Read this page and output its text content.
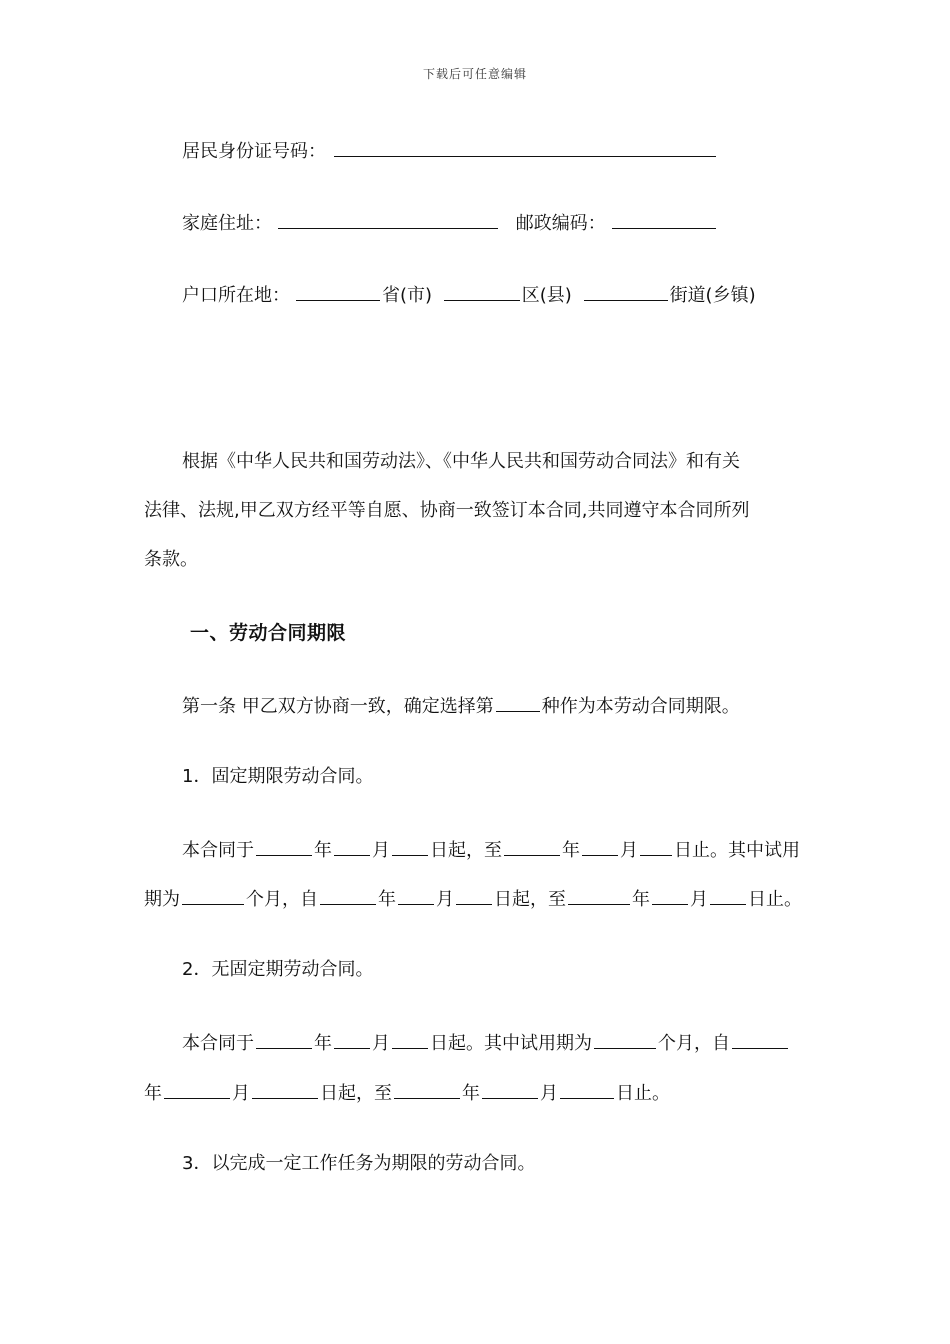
下载后可任意编辑
居民身份证号码：
家庭住址：	邮政编码：
户口所在地：	省(市)	区(县)	街道(乡镇)
根据《中华人民共和国劳动法》、《中华人民共和国劳动合同法》和有关
法律、法规,甲乙双方经平等自愿、协商一致签订本合同,共同遵守本合同所列
条款。
一、劳动合同期限
第一条 甲乙双方协商一致，确定选择第	种作为本劳动合同期限。
1．固定期限劳动合同。
本合同于	年 月 日起，至	年 月 日止。其中试用
期为	个月，自	年 月 日起，至	年 月 日止。
2．无固定期劳动合同。
本合同于	年 月 日起。其中试用期为	个月，自
年	月	日起，至	年	月	日止。
3．以完成一定工作任务为期限的劳动合同。
